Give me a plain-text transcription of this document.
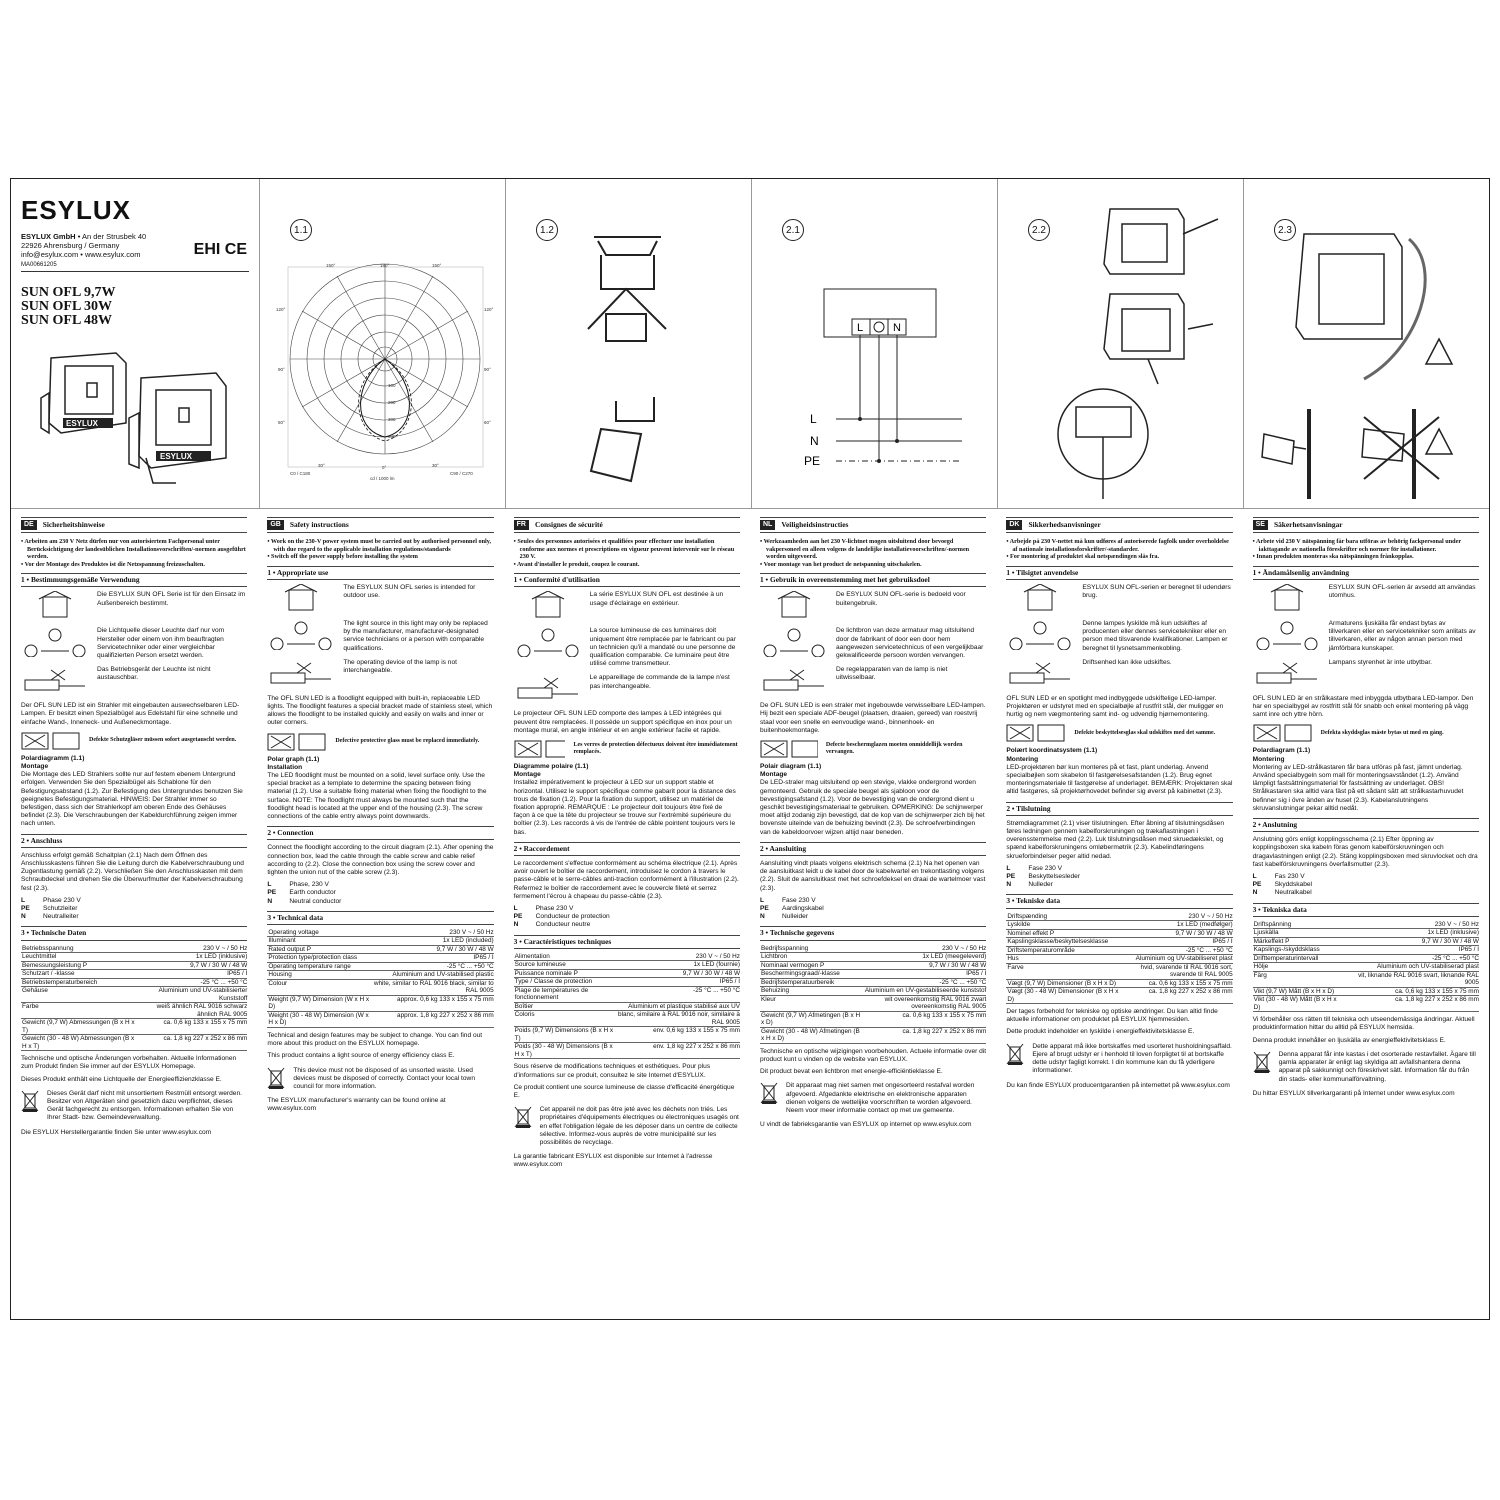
ESYLUX
ESYLUX GmbH • An der Strusbek 40
22926 Ahrensburg / Germany
info@esylux.com • www.esylux.com
MA00661205
EHI CE
SUN OFL 9,7W
SUN OFL 30W
SUN OFL 48W
ESYLUX
ESYLUX
1.1
150°	180°	150°
120°	120°
90°	90°
60°	60°
30°	0°	30°
100
200
300
400
C0 / C180	C90 / C270
cd / 1000 lm
1.2	2.1
L	N
L
N
PE
2.2	2.3
DE	Sicherheitshinweise
• Arbeiten am 230 V Netz dürfen nur von autorisiertem Fachpersonal unter Berücksichtigung der landesüblichen Installationsvorschriften/-normen ausgeführt werden.
• Vor der Montage des Produktes ist die Netzspannung freizuschalten.
1 • Bestimmungsgemäße Verwendung
Die ESYLUX SUN OFL Serie ist für den Einsatz im Außenbereich bestimmt.
Die Lichtquelle dieser Leuchte darf nur vom Hersteller oder einem von ihm beauftragten Servicetechniker oder einer vergleichbar qualifizierten Person ersetzt werden.
Das Betriebsgerät der Leuchte ist nicht austauschbar.

Der OFL SUN LED ist ein Strahler mit eingebauten auswechselbaren LED-Lampen. Er besitzt einen Spezialbügel aus Edelstahl für eine schnelle und einfache Wand-, Inneneck- und Außeneckmontage.

Defekte Schutzgläser müssen sofort ausgetauscht werden.
Polardiagramm (1.1)
Montage

Die Montage des LED Strahlers sollte nur auf festem ebenem Untergrund erfolgen. Verwenden Sie den Spezialbügel als Schablone für den Befestigungsabstand (1.2). Zur Befestigung des Untergrundes benutzen Sie geeignetes Befestigungsmaterial. HINWEIS: Der Strahler immer so befestigen, dass sich der Strahlerkopf am oberen Ende des Gehäuses befindet (2.3). Die Verschraubungen der Kabeldurchführung zeigen immer nach unten.

2 • Anschluss

Anschluss erfolgt gemäß Schaltplan (2.1) Nach dem Öffnen des Anschlusskastens führen Sie die Leitung durch die Kabelverschraubung und Zugentlastung gemäß (2.2). Verschließen Sie den Anschlusskasten mit dem Schraubdeckel und drehen Sie die Überwurfmutter der Kabelverschraubung fest (2.3).

L	Phase 230 V
PE	Schutzleiter
N	Neutralleiter
3 • Technische Daten
Betriebsspannung	230 V ~ / 50 Hz
Leuchtmittel	1x LED (inklusive)
Bemessungsleistung P	9,7 W / 30 W / 48 W
Schutzart / -klasse	IP65 / I
Betriebstemperaturbereich	-25 °C ... +50 °C
Gehäuse	Aluminium und UV-stabilisierter Kunststoff
Farbe	weiß ähnlich RAL 9016 schwarz ähnlich RAL 9005
Gewicht (9,7 W) Abmessungen (B x H x T)	ca. 0,6 kg 133 x 155 x 75 mm
Gewicht (30 - 48 W) Abmessungen (B x H x T)	ca. 1,8 kg 227 x 252 x 86 mm

Technische und optische Änderungen vorbehalten. Aktuelle Informationen zum Produkt finden Sie immer auf der ESYLUX Homepage.

Dieses Produkt enthält eine Lichtquelle der Energieeffizienzklasse E.

Dieses Gerät darf nicht mit unsortiertem Restmüll entsorgt werden. Besitzer von Altgeräten sind gesetzlich dazu verpflichtet, dieses Gerät fachgerecht zu entsorgen. Informationen erhalten Sie von Ihrer Stadt- bzw. Gemeindeverwaltung.

Die ESYLUX Herstellergarantie finden Sie unter www.esylux.com

GB	Safety instructions
• Work on the 230-V power system must be carried out by authorised personnel only, with due regard to the applicable installation regulations/standards
• Switch off the power supply before installing the system
1 • Appropriate use
The ESYLUX SUN OFL series is intended for outdoor use.
The light source in this light may only be replaced by the manufacturer, manufacturer-designated service technicians or a person with comparable qualifications.
The operating device of the lamp is not interchangeable.

The OFL SUN LED is a floodlight equipped with built-in, replaceable LED lights. The floodlight features a special bracket made of stainless steel, which allows the floodlight to be installed quickly and easily on walls and inner or outer corners.

Defective protective glass must be replaced immediately.
Polar graph (1.1)
Installation

The LED floodlight must be mounted on a solid, level surface only. Use the special bracket as a template to determine the spacing between fixing material (1.2). Use a suitable fixing material when fixing the floodlight to the surface. NOTE: The floodlight must always be mounted such that the floodlight head is located at the upper end of the housing (2.3). The screw connections of the cable entry always point downwards.

2 • Connection

Connect the floodlight according to the circuit diagram (2.1). After opening the connection box, lead the cable through the cable screw and cable relief according to (2.2). Close the connection box using the screw cover and tighten the union nut of the cable screw (2.3).

L	Phase, 230 V
PE	Earth conductor
N	Neutral conductor
3 • Technical data
Operating voltage	230 V ~ / 50 Hz
Illuminant	1x LED (included)
Rated output P	9,7 W / 30 W / 48 W
Protection type/protection class	IP65 / I
Operating temperature range	-25 °C ... +50 °C
Housing	Aluminium and UV-stabilised plastic
Colour	white, similar to RAL 9016 black, similar to RAL 9005
Weight (9,7 W) Dimension (W x H x D)	approx. 0,6 kg 133 x 155 x 75 mm
Weight (30 - 48 W) Dimension (W x H x D)	approx. 1,8 kg 227 x 252 x 86 mm

Technical and design features may be subject to change. You can find out more about this product on the ESYLUX homepage.

This product contains a light source of energy efficiency class E.

This device must not be disposed of as unsorted waste. Used devices must be disposed of correctly. Contact your local town council for more information.

The ESYLUX manufacturer's warranty can be found online at www.esylux.com

FR	Consignes de sécurité
• Seules des personnes autorisées et qualifiées pour effectuer une installation conforme aux normes et prescriptions en vigueur peuvent intervenir sur le réseau 230 V.
• Avant d'installer le produit, coupez le courant.
1 • Conformité d'utilisation
La série ESYLUX SUN OFL est destinée à un usage d'éclairage en extérieur.
La source lumineuse de ces luminaires doit uniquement être remplacée par le fabricant ou par un technicien qu'il a mandaté ou une personne de qualification comparable. Ce luminaire peut être utilisé comme transmetteur.
Le appareillage de commande de la lampe n'est pas interchangeable.

Le projecteur OFL SUN LED comporte des lampes à LED intégrées qui peuvent être remplacées. Il possède un support spécifique en inox pour un montage mural, en angle intérieur et en angle extérieur facile et rapide.

Les verres de protection défectueux doivent être immédiatement remplacés.
Diagramme polaire (1.1)
Montage

Installez impérativement le projecteur à LED sur un support stable et horizontal. Utilisez le support spécifique comme gabarit pour la distance des trous de fixation (1.2). Pour la fixation du support, utilisez un matériel de fixation approprié. REMARQUE : Le projecteur doit toujours être fixé de façon à ce que la tête du projecteur se trouve sur l'extrémité supérieure du boîtier (2.3). Les raccords à vis de l'entrée de câble pointent toujours vers le bas.

2 • Raccordement

Le raccordement s'effectue conformément au schéma électrique (2.1). Après avoir ouvert le boîtier de raccordement, introduisez le cordon à travers le passe-câble et le serre-câbles anti-traction conformément à l'illustration (2.2). Refermez le boîtier de raccordement avec le couvercle fileté et serrez fermement l'écrou à chapeau du passe-câble (2.3).

L	Phase 230 V
PE	Conducteur de protection
N	Conducteur neutre
3 • Caractéristiques techniques
Alimentation	230 V ~ / 50 Hz
Source lumineuse	1x LED (fournie)
Puissance nominale P	9,7 W / 30 W / 48 W
Type / Classe de protection	IP65 / I
Plage de températures de fonctionnement	-25 °C ... +50 °C
Boîtier	Aluminium et plastique stabilisé aux UV
Coloris	blanc, similaire à RAL 9016 noir, similaire à RAL 9005
Poids (9,7 W) Dimensions (B x H x T)	env. 0,6 kg 133 x 155 x 75 mm
Poids (30 - 48 W) Dimensions (B x H x T)	env. 1,8 kg 227 x 252 x 86 mm

Sous réserve de modifications techniques et esthétiques. Pour plus d'informations sur ce produit, consultez le site Internet d'ESYLUX.

Ce produit contient une source lumineuse de classe d'efficacité énergétique E.

Cet appareil ne doit pas être jeté avec les déchets non triés. Les propriétaires d'équipements électriques ou électroniques usagés ont en effet l'obligation légale de les déposer dans un centre de collecte sélective. Informez-vous auprès de votre municipalité sur les possibilités de recyclage.

La garantie fabricant ESYLUX est disponible sur Internet à l'adresse www.esylux.com

NL	Veiligheidsinstructies
• Werkzaamheden aan het 230 V-lichtnet mogen uitsluitend door bevoegd vakpersoneel en alleen volgens de landelijke installatievoorschriften/-normen worden uitgevoerd.
• Voor montage van het product de netspanning uitschakelen.
1 • Gebruik in overeenstemming met het gebruiksdoel
De ESYLUX SUN OFL-serie is bedoeld voor buitengebruik.
De lichtbron van deze armatuur mag uitsluitend door de fabrikant of door een door hem aangewezen servicetechnicus of een vergelijkbaar gekwalificeerde persoon worden vervangen.
De regelapparaten van de lamp is niet uitwisselbaar.

De OFL SUN LED is een straler met ingebouwde verwisselbare LED-lampen. Hij bezit een speciale ADF-beugel (plaatsen, draaien, gereed) van roestvrij staal voor een snelle en eenvoudige wand-, binnenhoek- en buitenhoekmontage.

Defecte beschermglazen moeten onmiddellijk worden vervangen.
Polair diagram (1.1)
Montage

De LED-straler mag uitsluitend op een stevige, vlakke ondergrond worden gemonteerd. Gebruik de speciale beugel als sjabloon voor de bevestigingsafstand (1.2). Voor de bevestiging van de ondergrond dient u geschikt bevestigingsmateriaal te gebruiken. OPMERKING: De schijnwerper moet altijd zodanig zijn bevestigd, dat de kop van de schijnwerper zich bij het bovenste uiteinde van de behuizing bevindt (2.3). De schroefverbindingen van de kabeldoorvoer wijzen altijd naar beneden.

2 • Aansluiting

Aansluiting vindt plaats volgens elektrisch schema (2.1) Na het openen van de aansluitkast leidt u de kabel door de kabelwartel en trekontlasting volgens (2.2). Sluit de aansluitkast met het schroefdeksel en draai de wartelmoer vast (2.3).

L	Fase 230 V
PE	Aardingskabel
N	Nulleider
3 • Technische gegevens
Bedrijfsspanning	230 V ~ / 50 Hz
Lichtbron	1x LED (meegeleverd)
Nominaal vermogen P	9,7 W / 30 W / 48 W
Beschermingsgraad/-klasse	IP65 / I
Bedrijfstemperatuurbereik	-25 °C ... +50 °C
Behuizing	Aluminium en UV-gestabiliseerde kunststof
Kleur	wit overeenkomstig RAL 9016 zwart overeenkomstig RAL 9005
Gewicht (9,7 W) Afmetingen (B x H x D)	ca. 0,6 kg 133 x 155 x 75 mm
Gewicht (30 - 48 W) Afmetingen (B x H x D)	ca. 1,8 kg 227 x 252 x 86 mm

Technische en optische wijzigingen voorbehouden. Actuele informatie over dit product kunt u vinden op de website van ESYLUX.

Dit product bevat een lichtbron met energie-efficiëntieklasse E.

Dit apparaat mag niet samen met ongesorteerd restafval worden afgevoerd. Afgedankte elektrische en elektronische apparaten dienen volgens de wettelijke voorschriften te worden afgevoerd. Neem voor meer informatie contact op met uw gemeente.

U vindt de fabrieksgarantie van ESYLUX op internet op www.esylux.com

DK	Sikkerhedsanvisninger
• Arbejde på 230 V-nettet må kun udføres af autoriserede fagfolk under overholdelse af nationale installationsforskrifter/-standarder.
• For montering af produktet skal netspændingen slås fra.
1 • Tilsigtet anvendelse
ESYLUX SUN OFL-serien er beregnet til udendørs brug.
Denne lampes lyskilde må kun udskiftes af producenten eller dennes servicetekniker eller en person med tilsvarende kvalifikationer. Lampen er beregnet til lysnetsammenkobling.
Driftsenhed kan ikke udskiftes.

OFL SUN LED er en spotlight med indbyggede udskiftelige LED-lamper. Projektøren er udstyret med en specialbøjle af rustfrit stål, der muliggør en hurtig og nem vægmontering samt ind- og udvendig hjørnemontering.

Defekte beskyttelsesglas skal udskiftes med det samme.
Polært koordinatsystem (1.1)
Montering

LED-projektøren bør kun monteres på et fast, plant underlag. Anvend specialbøjlen som skabelon til fastgørelsesafstanden (1.2). Brug egnet monteringsmateriale til fastgørelse af underlaget. BEMÆRK: Projektøren skal altid fastgøres, så projektørhovedet befinder sig øverst på kabinettet (2.3).

2 • Tilslutning

Strømdiagrammet (2.1) viser tilslutningen. Efter åbning af tilslutningsdåsen føres ledningen gennem kabelforskruningen og trækaflastningen i overensstemmelse med (2.2). Luk tilslutningsdåsen med skruedækslet, og spænd kabelforskruningens omløbermøtrik (2.3). Kabelindføringens skrueforbindelser peger altid nedad.

L	Fase 230 V
PE	Beskyttelsesleder
N	Nulleder
3 • Tekniske data
Driftspænding	230 V ~ / 50 Hz
Lyskilde	1x LED (medfølger)
Nominel effekt P	9,7 W / 30 W / 48 W
Kapslingsklasse/beskyttelsesklasse	IP65 / I
Driftstemperaturområde	-25 °C ... +50 °C
Hus	Aluminium og UV-stabiliseret plast
Farve	hvid, svarende til RAL 9016 sort, svarende til RAL 9005
Vægt (9,7 W) Dimensioner (B x H x D)	ca. 0,6 kg 133 x 155 x 75 mm
Vægt (30 - 48 W) Dimensioner (B x H x D)	ca. 1,8 kg 227 x 252 x 86 mm

Der tages forbehold for tekniske og optiske ændringer. Du kan altid finde aktuelle informationer om produktet på ESYLUX hjemmesiden.

Dette produkt indeholder en lyskilde i energieffektivitetsklasse E.

Dette apparat må ikke bortskaffes med usorteret husholdningsaffald. Ejere af brugt udstyr er i henhold til loven forpligtet til at bortskaffe dette udstyr fagligt korrekt. I din kommune kan du få yderligere informationer.

Du kan finde ESYLUX producentgarantien på internettet på www.esylux.com

SE	Säkerhetsanvisningar
• Arbete vid 230 V nätspänning får bara utföras av behörig fackpersonal under iakttagande av nationella föreskrifter och normer för installationer.
• Innan produkten monteras ska nätspänningen frånkopplas.
1 • Ändamålsenlig användning
ESYLUX SUN OFL-serien är avsedd att användas utomhus.
Armaturens ljuskälla får endast bytas av tillverkaren eller en servicetekniker som anlitats av tillverkaren, eller av någon annan person med jämförbara kunskaper.
Lampans styrenhet är inte utbytbar.

OFL SUN LED är en strålkastare med inbyggda utbytbara LED-lampor. Den har en specialbygel av rostfritt stål för snabb och enkel montering på vägg samt inre och yttre hörn.

Defekta skyddsglas måste bytas ut med en gång.
Polardiagram (1.1)
Montering

Montering av LED-strålkastaren får bara utföras på fast, jämnt underlag. Använd specialbygeln som mall för monteringsavståndet (1.2). Använd lämpligt fastsättningsmaterial för fastsättning av underlaget. OBS! Strålkastaren ska alltid vara fäst på ett sådant sätt att strålkastarhuvudet befinner sig i övre änden av huset (2.3). Kabelanslutningens skruvanslutningar pekar alltid nedåt.

2 • Anslutning

Anslutning görs enligt kopplingsschema (2.1) Efter öppning av kopplingsboxen ska kabeln föras genom kabelförskruvningen och dragavlastningen enligt (2.2). Stäng kopplingsboxen med skruvlocket och dra fast kabelförskruvningens överfallsmutter (2.3).

L	Fas 230 V
PE	Skyddskabel
N	Neutralkabel
3 • Tekniska data
Driftspänning	230 V ~ / 50 Hz
Ljuskälla	1x LED (inklusive)
Märkeffekt P	9,7 W / 30 W / 48 W
Kapslings-/skyddsklass	IP65 / I
Drifttemperaturintervall	-25 °C ... +50 °C
Hölje	Aluminium och UV-stabiliserad plast
Färg	vit, liknande RAL 9016 svart, liknande RAL 9005
Vikt (9,7 W) Mått (B x H x D)	ca. 0,6 kg 133 x 155 x 75 mm
Vikt (30 - 48 W) Mått (B x H x D)	ca. 1,8 kg 227 x 252 x 86 mm

Vi förbehåller oss rätten till tekniska och utseendemässiga ändringar. Aktuell produktinformation hittar du alltid på ESYLUX hemsida.

Denna produkt innehåller en ljuskälla av energieffektivitetsklass E.

Denna apparat får inte kastas i det osorterade restavfallet. Ägare till gamla apparater är enligt lag skyldiga att avfallshantera denna apparat på sakkunnigt och föreskrivet sätt. Information får du från din stads- eller kommunalförvaltning.

Du hittar ESYLUX tillverkargaranti på Internet under www.esylux.com
